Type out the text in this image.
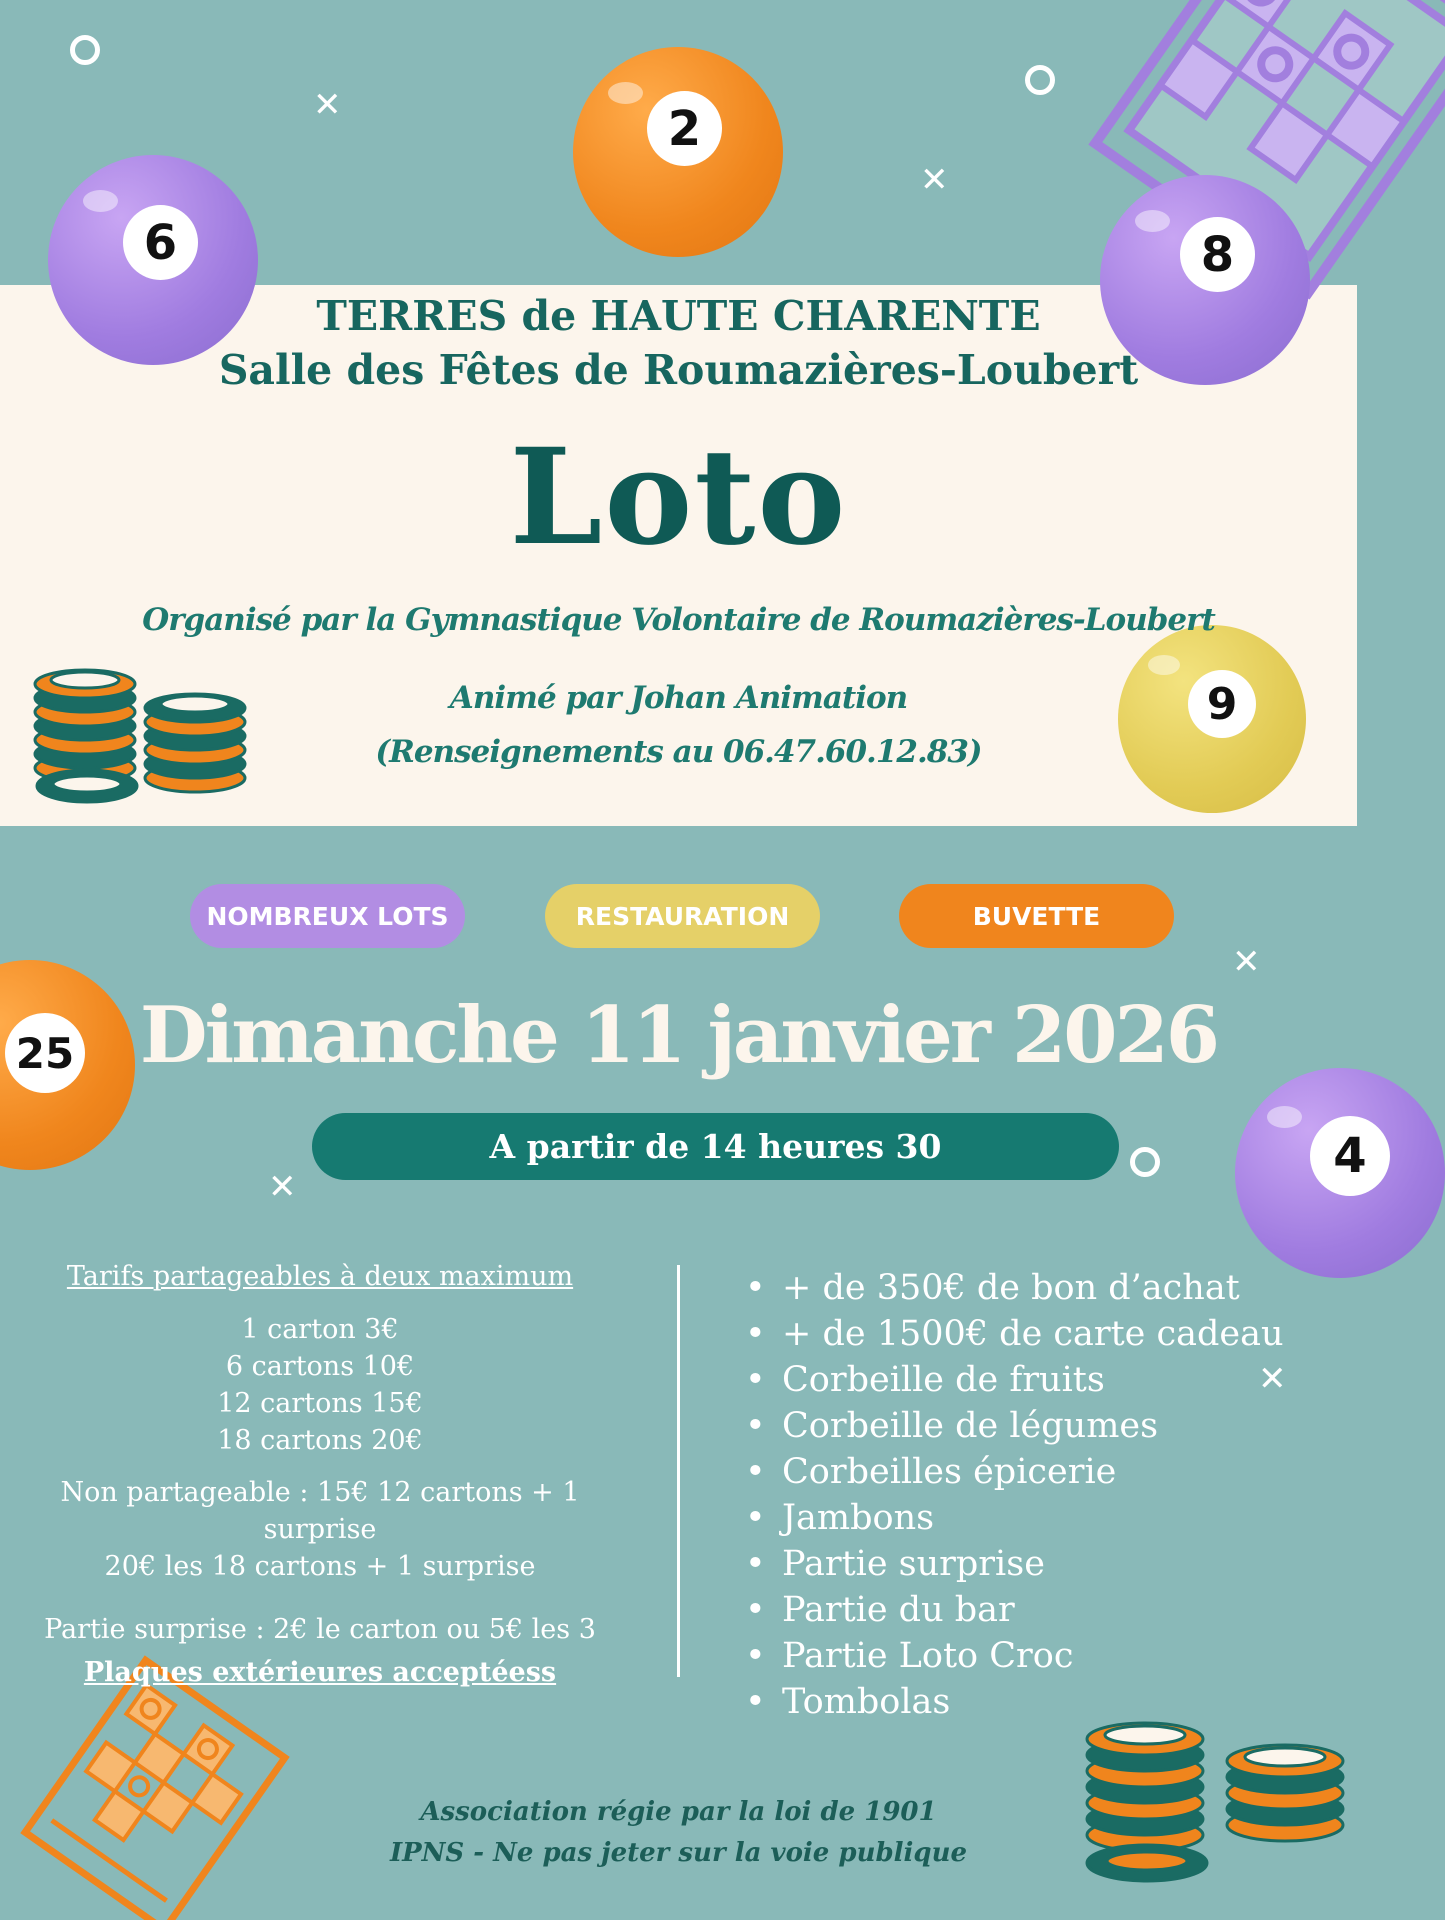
✕
✕
✕
✕
✕
6
2
8
9
25
4
TERRES de HAUTE CHARENTE
Salle des Fêtes de Roumazières-Loubert
Loto
Organisé par la Gymnastique Volontaire de Roumazières-Loubert
Animé par Johan Animation
(Renseignements au 06.47.60.12.83)
NOMBREUX LOTS	RESTAURATION	BUVETTE
Dimanche 11 janvier 2026
A partir de 14 heures 30
Tarifs partageables à deux maximum
1 carton 3€
6 cartons 10€
12 cartons 15€
18 cartons 20€
Non partageable : 15€ 12 cartons + 1 surprise
20€ les 18 cartons + 1 surprise
Partie surprise : 2€ le carton ou 5€ les 3
Plaques extérieures acceptéess
• + de 350€ de bon d’achat
• + de 1500€ de carte cadeau
• Corbeille de fruits
• Corbeille de légumes
• Corbeilles épicerie
• Jambons
• Partie surprise
• Partie du bar
• Partie Loto Croc
• Tombolas
Association régie par la loi de 1901
IPNS - Ne pas jeter sur la voie publique
